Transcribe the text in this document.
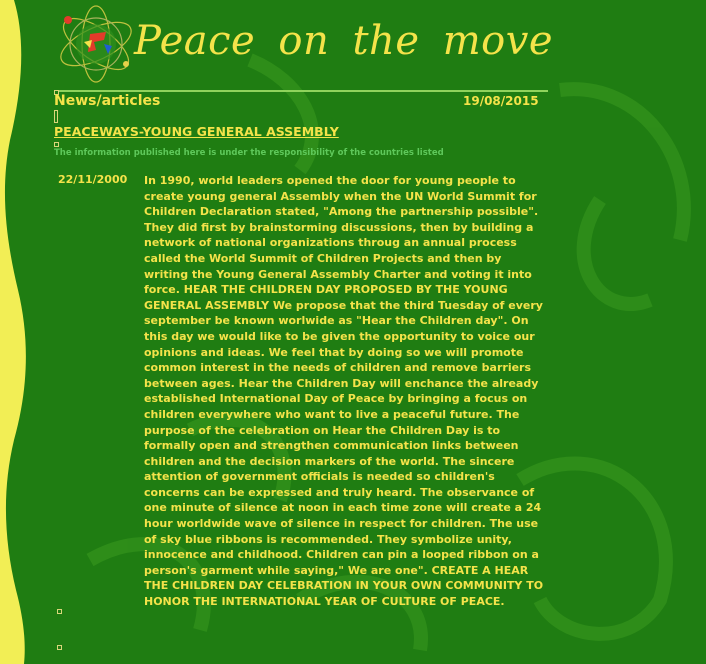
Peace on the move
News/articles	19/08/2015
PEACEWAYS-YOUNG GENERAL ASSEMBLY
The information published here is under the responsibility of the countries listed
22/11/2000 In 1990, world leaders opened the door for young people to create young general Assembly when the UN World Summit for Children Declaration stated, "Among the partnership possible". They did first by brainstorming discussions, then by building a network of national organizations throug an annual process called the World Summit of Children Projects and then by writing the Young General Assembly Charter and voting it into force. HEAR THE CHILDREN DAY PROPOSED BY THE YOUNG GENERAL ASSEMBLY We propose that the third Tuesday of every september be known worlwide as "Hear the Children day". On this day we would like to be given the opportunity to voice our opinions and ideas. We feel that by doing so we will promote common interest in the needs of children and remove barriers between ages. Hear the Children Day will enchance the already established International Day of Peace by bringing a focus on children everywhere who want to live a peaceful future. The purpose of the celebration on Hear the Children Day is to formally open and strengthen communication links between children and the decision markers of the world. The sincere attention of government officials is needed so children's concerns can be expressed and truly heard. The observance of one minute of silence at noon in each time zone will create a 24 hour worldwide wave of silence in respect for children. The use of sky blue ribbons is recommended. They symbolize unity, innocence and childhood. Children can pin a looped ribbon on a person's garment while saying," We are one". CREATE A HEAR THE CHILDREN DAY CELEBRATION IN YOUR OWN COMMUNITY TO HONOR THE INTERNATIONAL YEAR OF CULTURE OF PEACE.
